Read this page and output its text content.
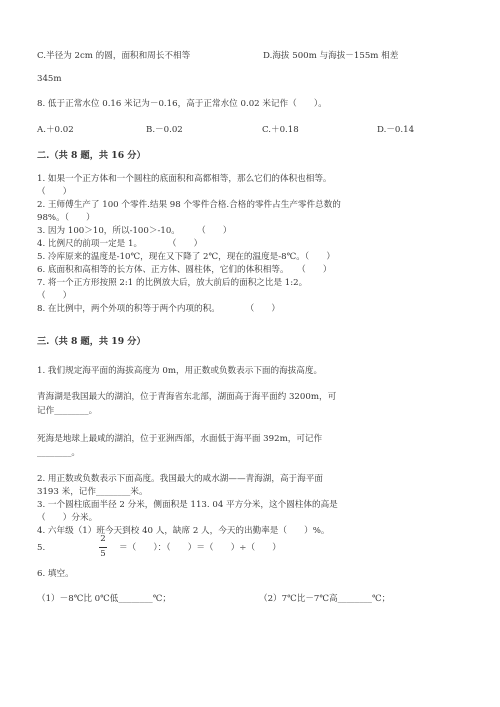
C.半径为 2cm 的圆，面积和周长不相等	D.海拔 500m 与海拔－155m 相差
345m
8. 低于正常水位 0.16 米记为－0.16，高于正常水位 0.02 米记作（　　）。
A.＋0.02	B.－0.02	C.＋0.18	D.－0.14
二.（共 8 题，共 16 分）
1. 如果一个正方体和一个圆柱的底面积和高都相等，那么它们的体积也相等。
（　　）
2. 王师傅生产了 100 个零件.结果 98 个零件合格.合格的零件占生产零件总数的
98%。（　　）
3. 因为 100＞10，所以-100＞-10。　　　（　　）
4. 比例尺的前项一定是 1。　　　　（　　）
5. 冷库原来的温度是-10℃，现在又下降了 2℃，现在的温度是-8℃。（　　）
6. 底面积和高相等的长方体、正方体、圆柱体，它们的体积相等。　　（　　）
7. 将一个正方形按照 2:1 的比例放大后，放大前后的面积之比是 1:2。
（　　）
8. 在比例中，两个外项的积等于两个内项的积。　　　　（　　）
三.（共 8 题，共 19 分）
1. 我们规定海平面的海拔高度为 0m，用正数或负数表示下面的海拔高度。
青海湖是我国最大的湖泊，位于青海省东北部，湖面高于海平面约 3200m，可
记作________。
死海是地球上最咸的湖泊，位于亚洲西部，水面低于海平面 392m，可记作
________。
2. 用正数或负数表示下面高度。我国最大的咸水湖——青海湖，高于海平面
3193 米，记作________米。
3. 一个圆柱底面半径 2 分米，侧面积是 113. 04 平方分米，这个圆柱体的高是
（　　）分米。
4. 六年级（1）班今天到校 40 人，缺席 2 人，今天的出勤率是（　　）%。
5.
2
5
＝（　　）：（　　）＝（　　）÷（　　）
6. 填空。
（1）－8℃比 0℃低________℃；	（2）7℃比－7℃高________℃；
